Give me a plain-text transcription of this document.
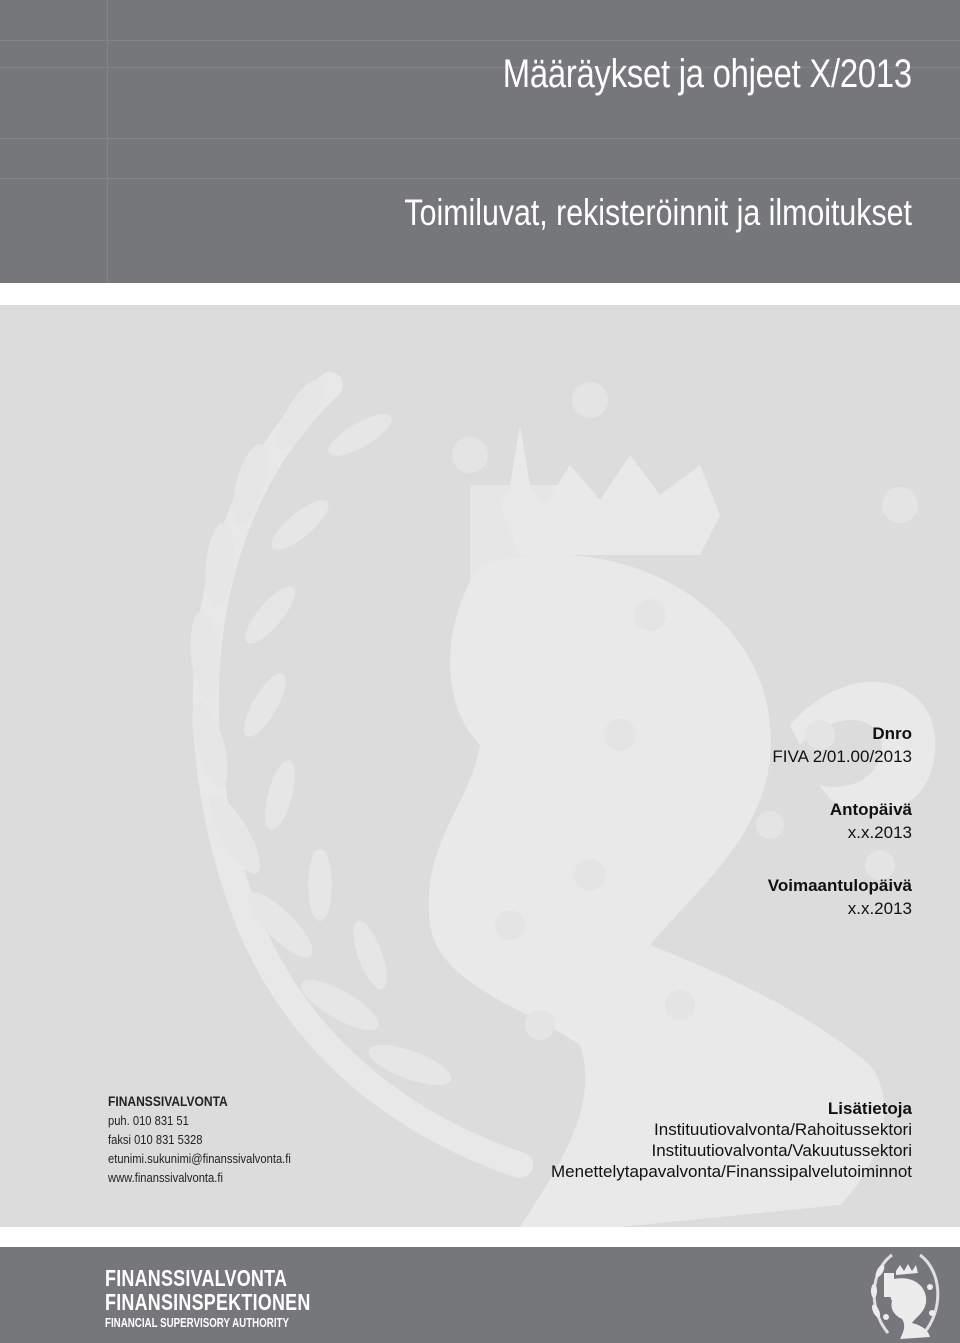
Määräykset ja ohjeet X/2013
Toimiluvat, rekisteröinnit ja ilmoitukset
Dnro
FIVA 2/01.00/2013
Antopäivä
x.x.2013
Voimaantulopäivä
x.x.2013
FINANSSIVALVONTA
puh. 010 831 51
faksi 010 831 5328
etunimi.sukunimi@finanssivalvonta.fi
www.finanssivalvonta.fi
Lisätietoja
Instituutiovalvonta/Rahoitussektori
Instituutiovalvonta/Vakuutussektori
Menettelytapavalvonta/Finanssipalvelutoiminnot
FINANSSIVALVONTA
FINANSINSPEKTIONEN
FINANCIAL SUPERVISORY AUTHORITY
